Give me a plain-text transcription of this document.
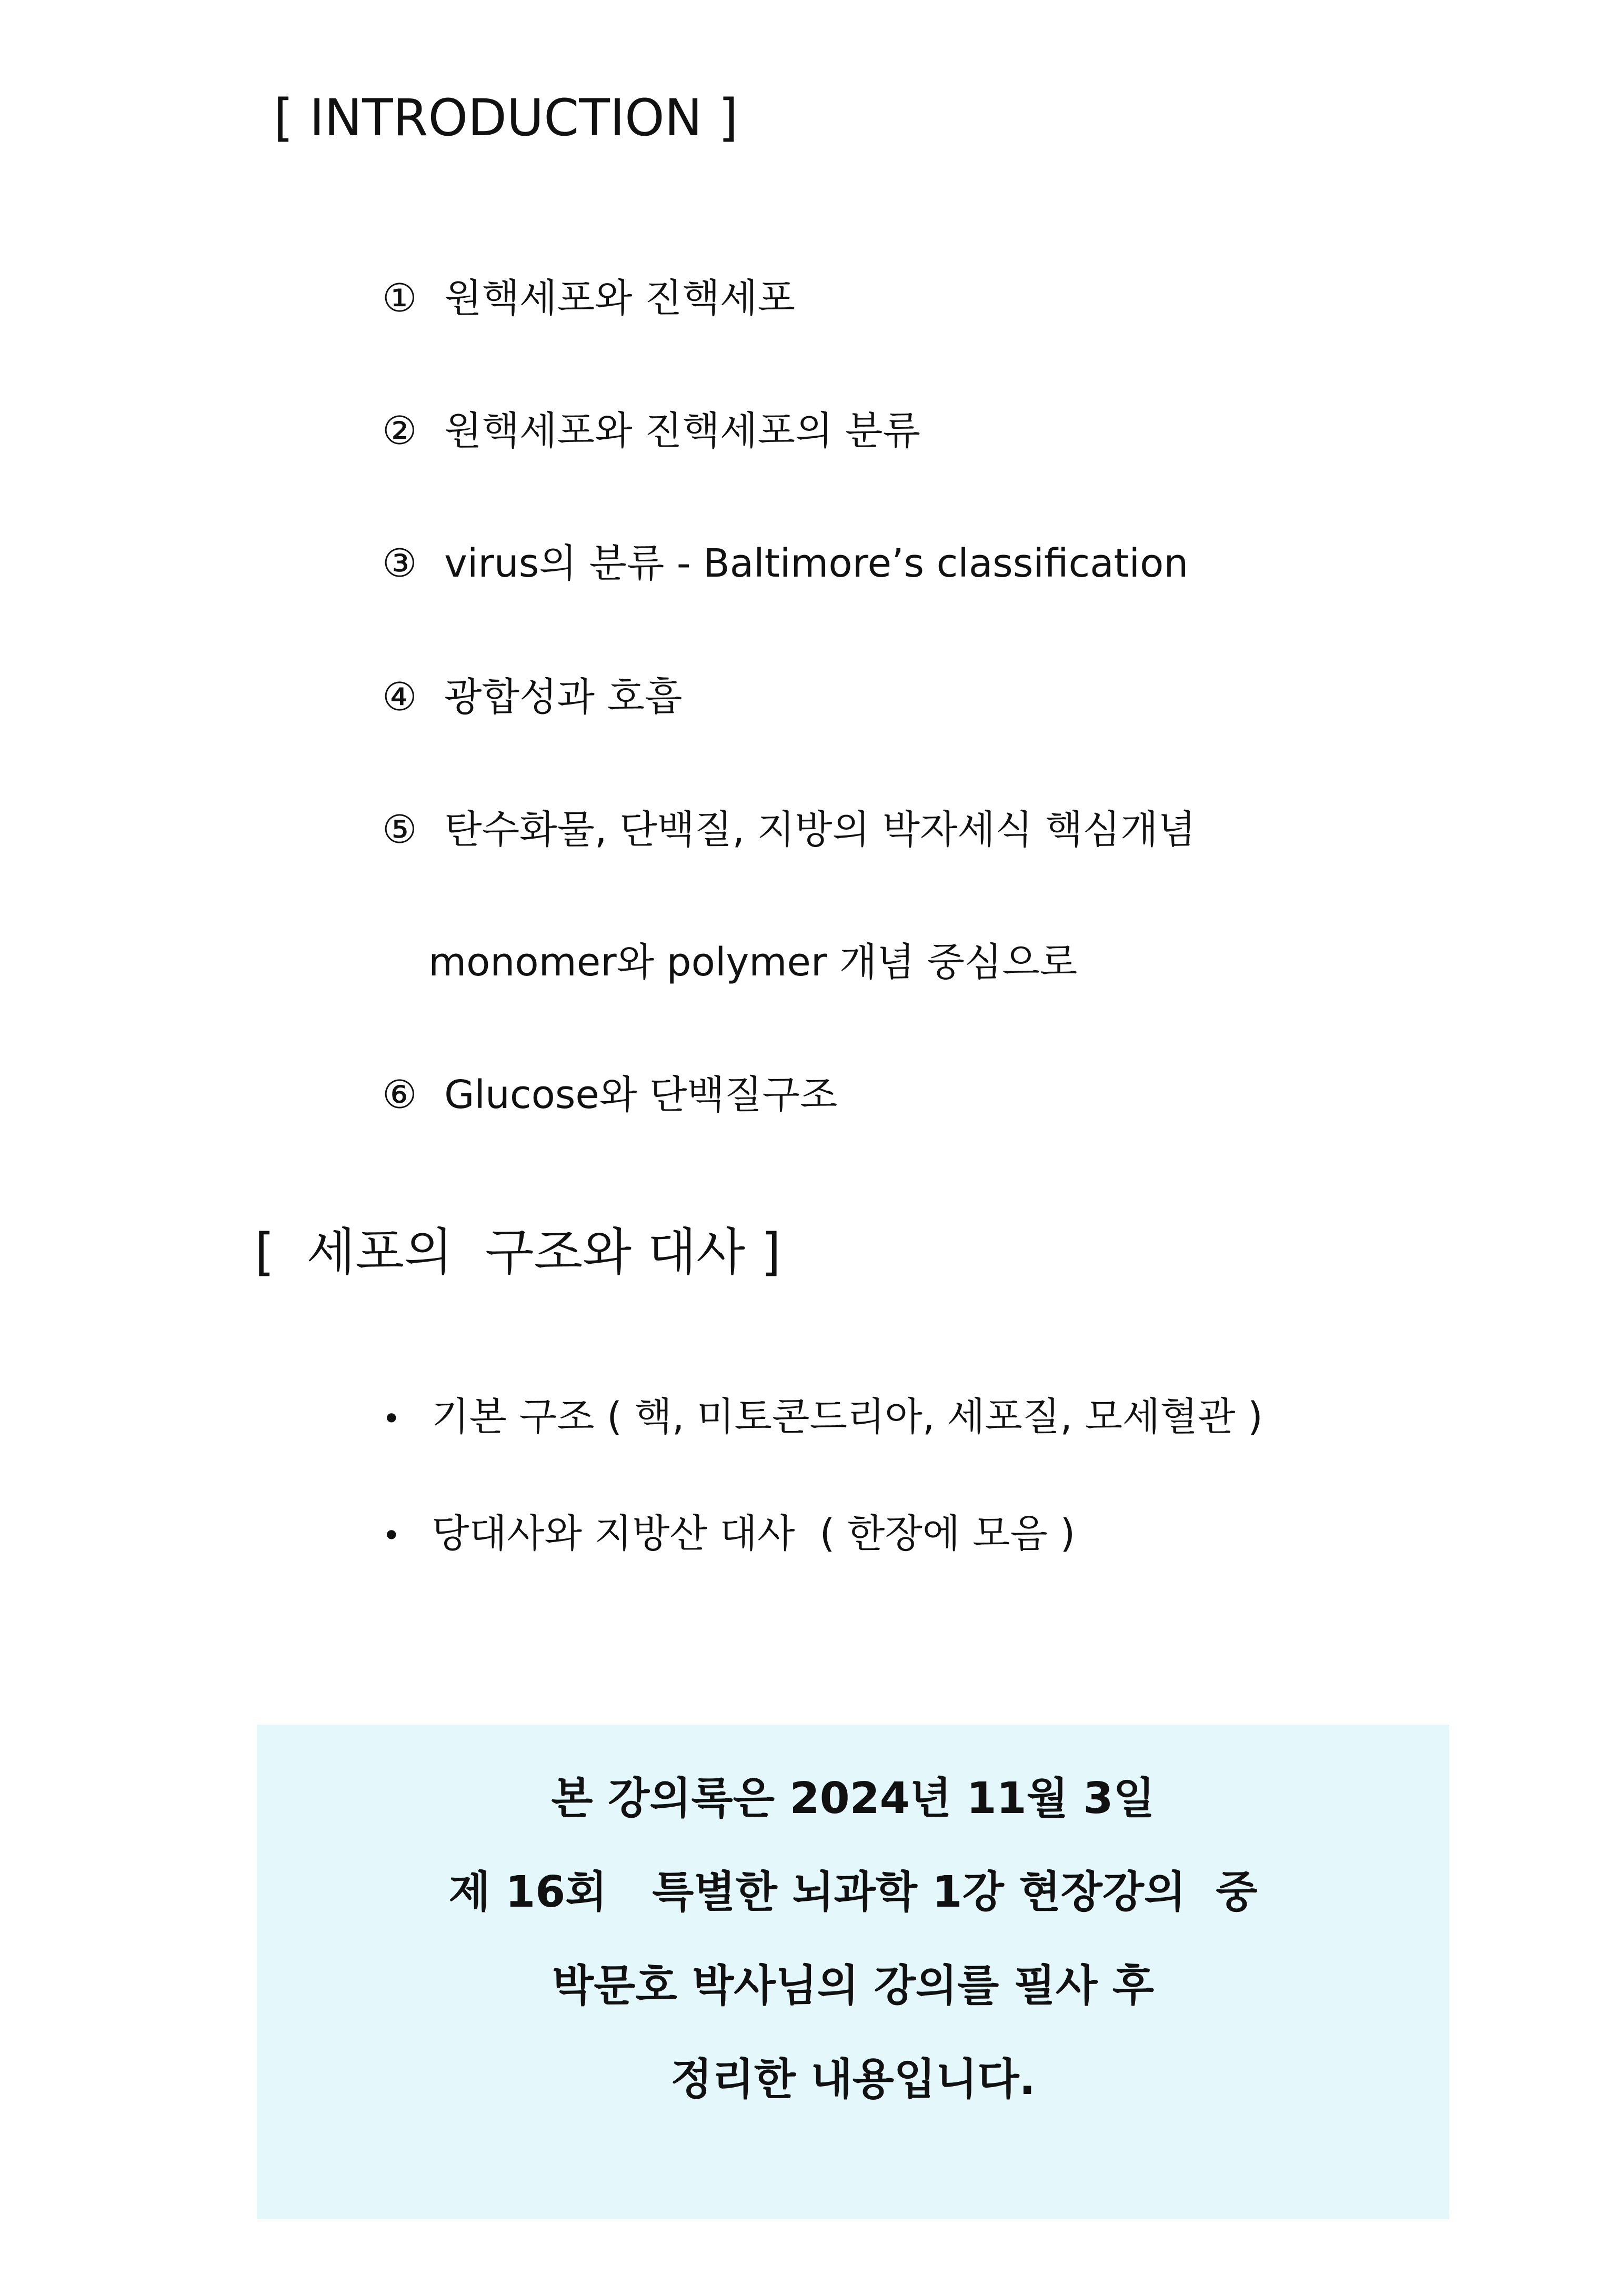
[ INTRODUCTION ]

① 원핵세포와 진핵세포

② 원핵세포와 진핵세포의 분류

③ virus의 분류 - Baltimore’s classification

④ 광합성과 호흡

⑤ 탄수화물, 단백질, 지방의 박자세식 핵심개념

monomer와 polymer 개념 중심으로

⑥ Glucose와 단백질구조

[  세포의  구조와 대사 ]

• 기본 구조 ( 핵, 미토콘드리아, 세포질, 모세혈관 )

• 당대사와 지방산 대사  ( 한장에 모음 )

본 강의록은 2024년 11월 3일
제 16회   특별한 뇌과학 1강 현장강의  중
박문호 박사님의 강의를 필사 후
정리한 내용입니다.
